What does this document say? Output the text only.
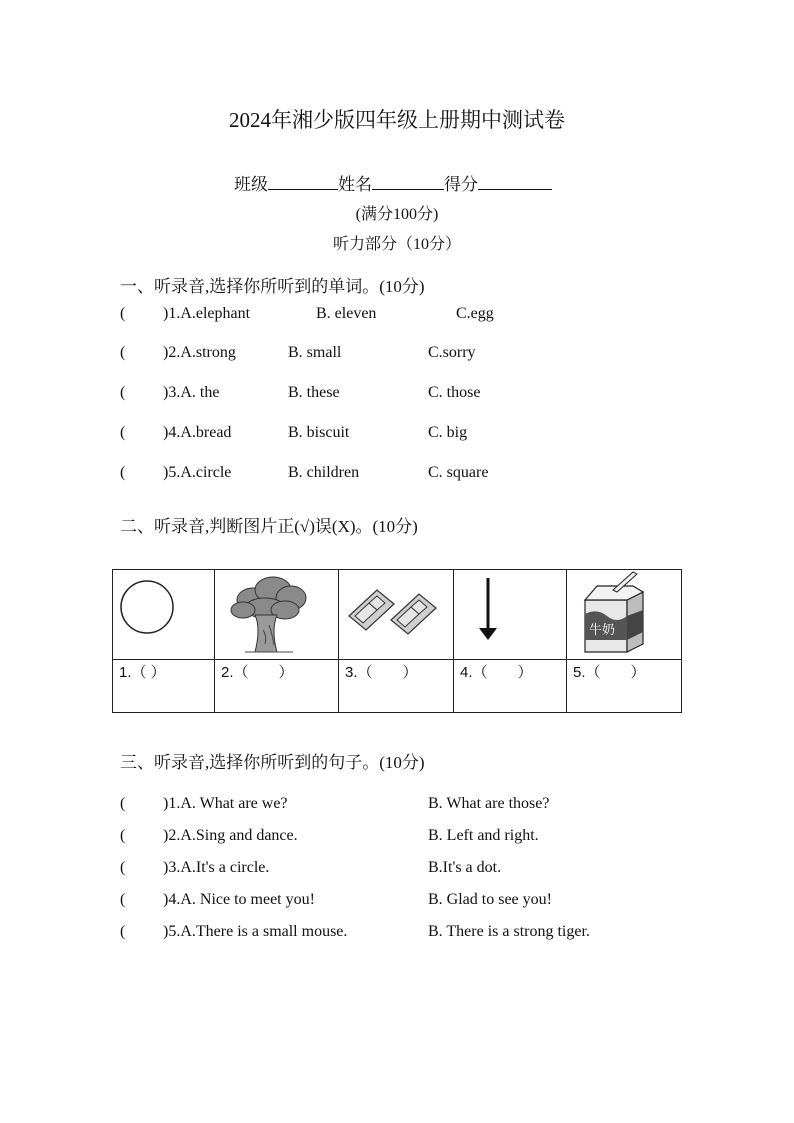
2024年湘少版四年级上册期中测试卷
班级	姓名	得分
(满分100分)
听力部分（10分）
一、听录音,选择你所听到的单词。(10分)
( )1.A.elephant	B. eleven	C.egg
( )2.A.strong	B. small	C.sorry
( )3.A. the	B. these	C. those
( )4.A.bread	B. biscuit	C. big
( )5.A.circle	B. children	C. square
二、听录音,判断图片正(√)误(X)。(10分)

牛奶

1.（ ）	2.（　　）	3.（　　）	4.（　　）	5.（　　）
三、听录音,选择你所听到的句子。(10分)
( )1.A. What are we?	B. What are those?
( )2.A.Sing and dance.	B. Left and right.
( )3.A.It's a circle.	B.It's a dot.
( )4.A. Nice to meet you!	B. Glad to see you!
( )5.A.There is a small mouse.	B. There is a strong tiger.
